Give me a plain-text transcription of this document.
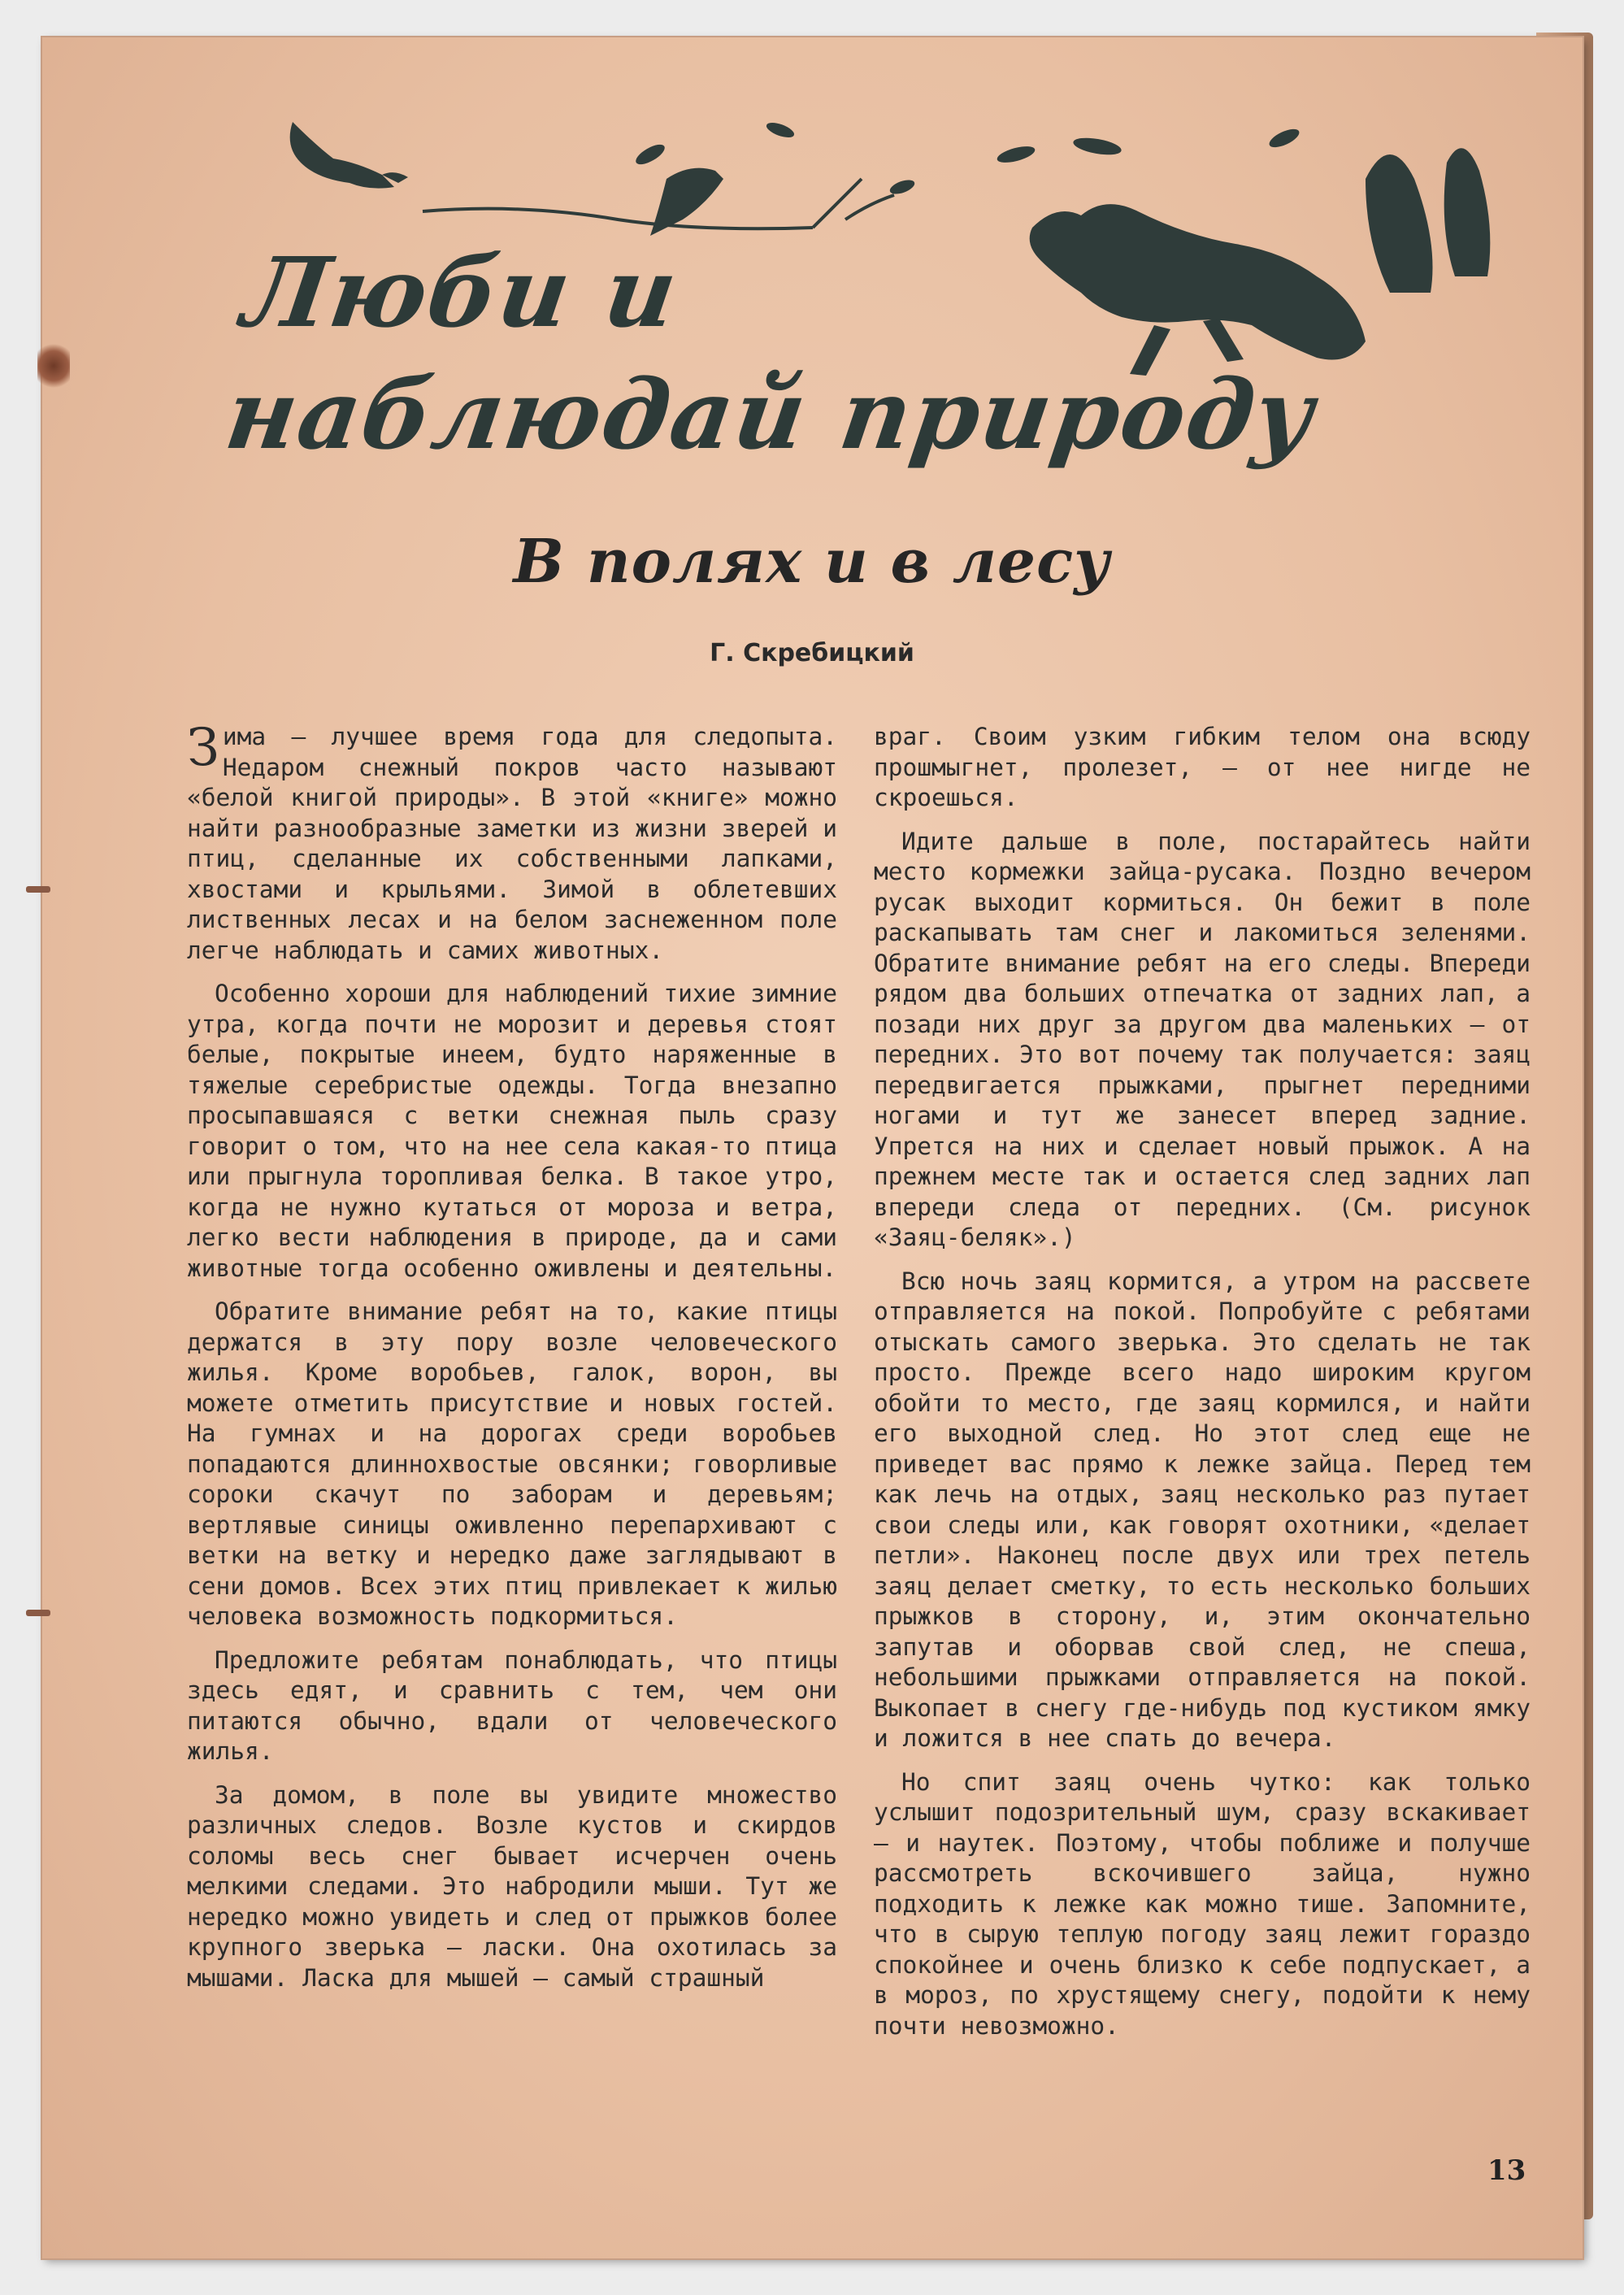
Люби и
наблюдай природу
В полях и в лесу
Г. Скребицкий

Зима — лучшее время года для следопыта. Недаром снежный покров часто называют «белой книгой природы». В этой «книге» можно найти разнообразные заметки из жизни зверей и птиц, сделанные их собственными лапками, хвостами и крыльями. Зимой в облетевших лиственных лесах и на белом заснеженном поле легче наблюдать и самих животных.

Особенно хороши для наблюдений тихие зимние утра, когда почти не морозит и деревья стоят белые, покрытые инеем, будто наряженные в тяжелые серебристые одежды. Тогда внезапно просыпавшаяся с ветки снежная пыль сразу говорит о том, что на нее села какая-то птица или прыгнула торопливая белка. В такое утро, когда не нужно кутаться от мороза и ветра, легко вести наблюдения в природе, да и сами животные тогда особенно оживлены и деятельны.

Обратите внимание ребят на то, какие птицы держатся в эту пору возле человеческого жилья. Кроме воробьев, галок, ворон, вы можете отметить присутствие и новых гостей. На гумнах и на дорогах среди воробьев попадаются длиннохвостые овсянки; говорливые сороки скачут по заборам и деревьям; вертлявые синицы оживленно перепархивают с ветки на ветку и нередко даже заглядывают в сени домов. Всех этих птиц привлекает к жилью человека возможность подкормиться.

Предложите ребятам понаблюдать, что птицы здесь едят, и сравнить с тем, чем они питаются обычно, вдали от человеческого жилья.

За домом, в поле вы увидите множество различных следов. Возле кустов и скирдов соломы весь снег бывает исчерчен очень мелкими следами. Это набродили мыши. Тут же нередко можно увидеть и след от прыжков более крупного зверька — ласки. Она охотилась за мышами. Ласка для мышей — самый страшный

враг. Своим узким гибким телом она всюду прошмыгнет, пролезет, — от нее нигде не скроешься.

Идите дальше в поле, постарайтесь найти место кормежки зайца-русака. Поздно вечером русак выходит кормиться. Он бежит в поле раскапывать там снег и лакомиться зеленями. Обратите внимание ребят на его следы. Впереди рядом два больших отпечатка от задних лап, а позади них друг за другом два маленьких — от передних. Это вот почему так получается: заяц передвигается прыжками, прыгнет передними ногами и тут же занесет вперед задние. Упрется на них и сделает новый прыжок. А на прежнем месте так и остается след задних лап впереди следа от передних. (См. рисунок «Заяц-беляк».)

Всю ночь заяц кормится, а утром на рассвете отправляется на покой. Попробуйте с ребятами отыскать самого зверька. Это сделать не так просто. Прежде всего надо широким кругом обойти то место, где заяц кормился, и найти его выходной след. Но этот след еще не приведет вас прямо к лежке зайца. Перед тем как лечь на отдых, заяц несколько раз путает свои следы или, как говорят охотники, «делает петли». Наконец после двух или трех петель заяц делает сметку, то есть несколько больших прыжков в сторону, и, этим окончательно запутав и оборвав свой след, не спеша, небольшими прыжками отправляется на покой. Выкопает в снегу где-нибудь под кустиком ямку и ложится в нее спать до вечера.

Но спит заяц очень чутко: как только услышит подозрительный шум, сразу вскакивает — и наутек. Поэтому, чтобы поближе и получше рассмотреть вскочившего зайца, нужно подходить к лежке как можно тише. Запомните, что в сырую теплую погоду заяц лежит гораздо спокойнее и очень близко к себе подпускает, а в мороз, по хрустящему снегу, подойти к нему почти невозможно.

13
